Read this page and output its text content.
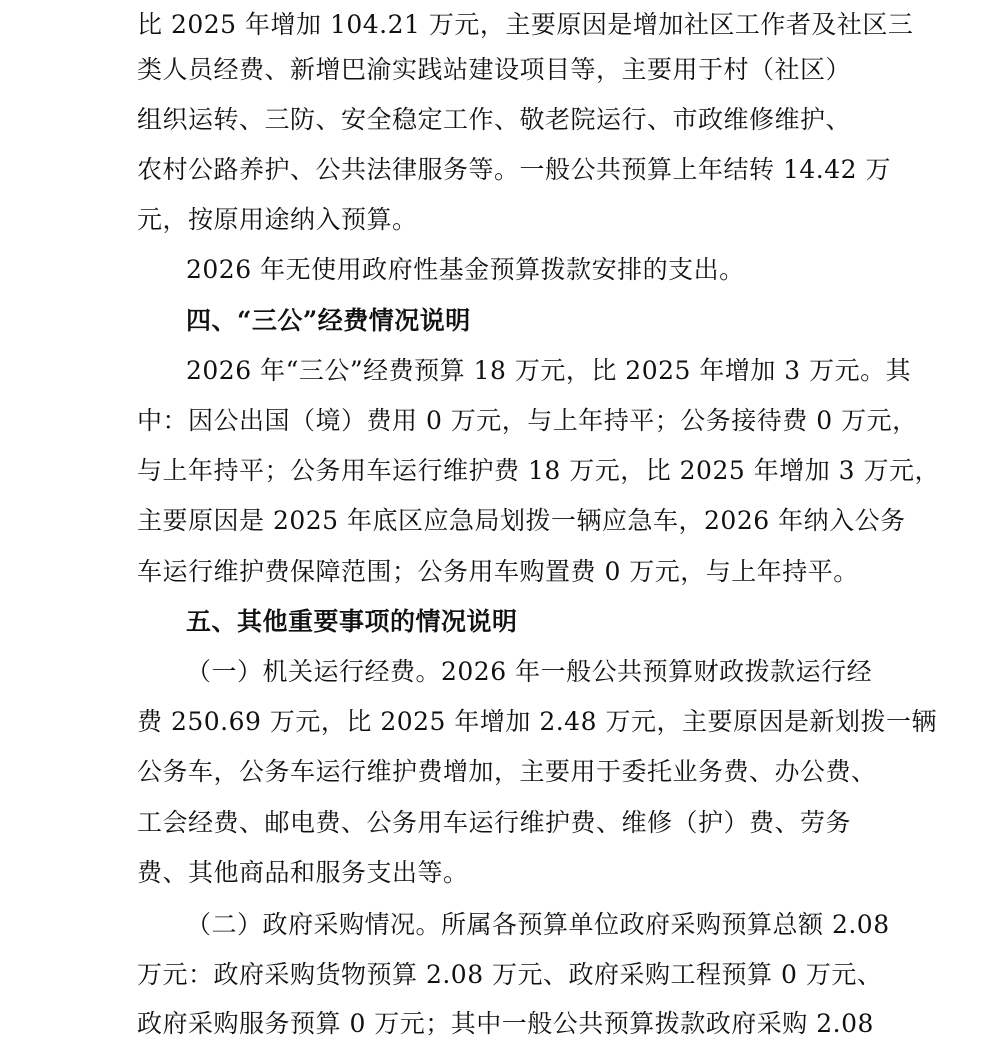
比 2025 年增加 104.21 万元，主要原因是增加社区工作者及社区三
类人员经费、新增巴渝实践站建设项目等，主要用于村（社区）
组织运转、三防、安全稳定工作、敬老院运行、市政维修维护、
农村公路养护、公共法律服务等。一般公共预算上年结转 14.42 万
元，按原用途纳入预算。
2026 年无使用政府性基金预算拨款安排的支出。
四、“三公”经费情况说明
2026 年“三公”经费预算 18 万元，比 2025 年增加 3 万元。其
中：因公出国（境）费用 0 万元，与上年持平；公务接待费 0 万元，
与上年持平；公务用车运行维护费 18 万元，比 2025 年增加 3 万元，
主要原因是 2025 年底区应急局划拨一辆应急车，2026 年纳入公务
车运行维护费保障范围；公务用车购置费 0 万元，与上年持平。
五、其他重要事项的情况说明
（一）机关运行经费。2026 年一般公共预算财政拨款运行经
费 250.69 万元，比 2025 年增加 2.48 万元，主要原因是新划拨一辆
公务车，公务车运行维护费增加，主要用于委托业务费、办公费、
工会经费、邮电费、公务用车运行维护费、维修（护）费、劳务
费、其他商品和服务支出等。
（二）政府采购情况。所属各预算单位政府采购预算总额 2.08
万元：政府采购货物预算 2.08 万元、政府采购工程预算 0 万元、
政府采购服务预算 0 万元；其中一般公共预算拨款政府采购 2.08
